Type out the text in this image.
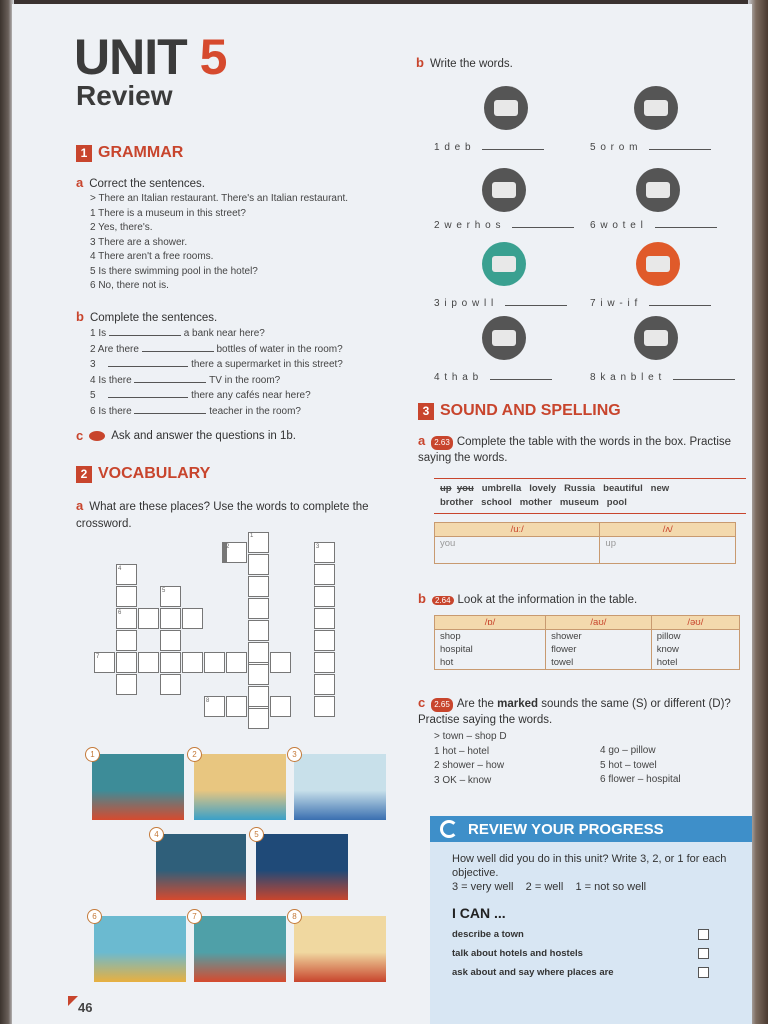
UNIT 5
Review
1 GRAMMAR
a Correct the sentences.
> There an Italian restaurant. There's an Italian restaurant.
1 There is a museum in this street?
2 Yes, there's.
3 There are a shower.
4 There aren't a free rooms.
5 Is there swimming pool in the hotel?
6 No, there not is.
b Complete the sentences.
1 Is	a bank near here?
2 Are there	bottles of water in the room?
3	there a supermarket in this street?
4 Is there	TV in the room?
5	there any cafés near here?
6 Is there	teacher in the room?
c Ask and answer the questions in 1b.
2 VOCABULARY
a What are these places? Use the words to complete the crossword.
1
2	3
4
5
6
7
8
1	2	3
4	5
6	7	8
b Write the words.
1 d e b
2 w e r h o s
3 i p o w l l
4 t h a b
5 o r o m
6 w o t e l
7 i w - i f
8 k a n b l e t
3 SOUND AND SPELLING
a 2.63 Complete the table with the words in the box. Practise saying the words.
up you umbrella   lovely   Russia   beautiful   new
brother   school   mother   museum   pool
/uː/	/ʌ/
you	up
b 2.64 Look at the information in the table.
/ɒ/	/aʊ/	/əʊ/
shop	shower	pillow
hospital	flower	know
hot	towel	hotel
c 2.65 Are the marked sounds the same (S) or different (D)? Practise saying the words.
> town – shop D
1 hot – hotel
2 shower – how
3 OK – know
4 go – pillow
5 hot – towel
6 flower – hospital
REVIEW YOUR PROGRESS
How well did you do in this unit? Write 3, 2, or 1 for each objective.
3 = very well    2 = well    1 = not so well
I CAN ...
describe a town
talk about hotels and hostels
ask about and say where places are
46
